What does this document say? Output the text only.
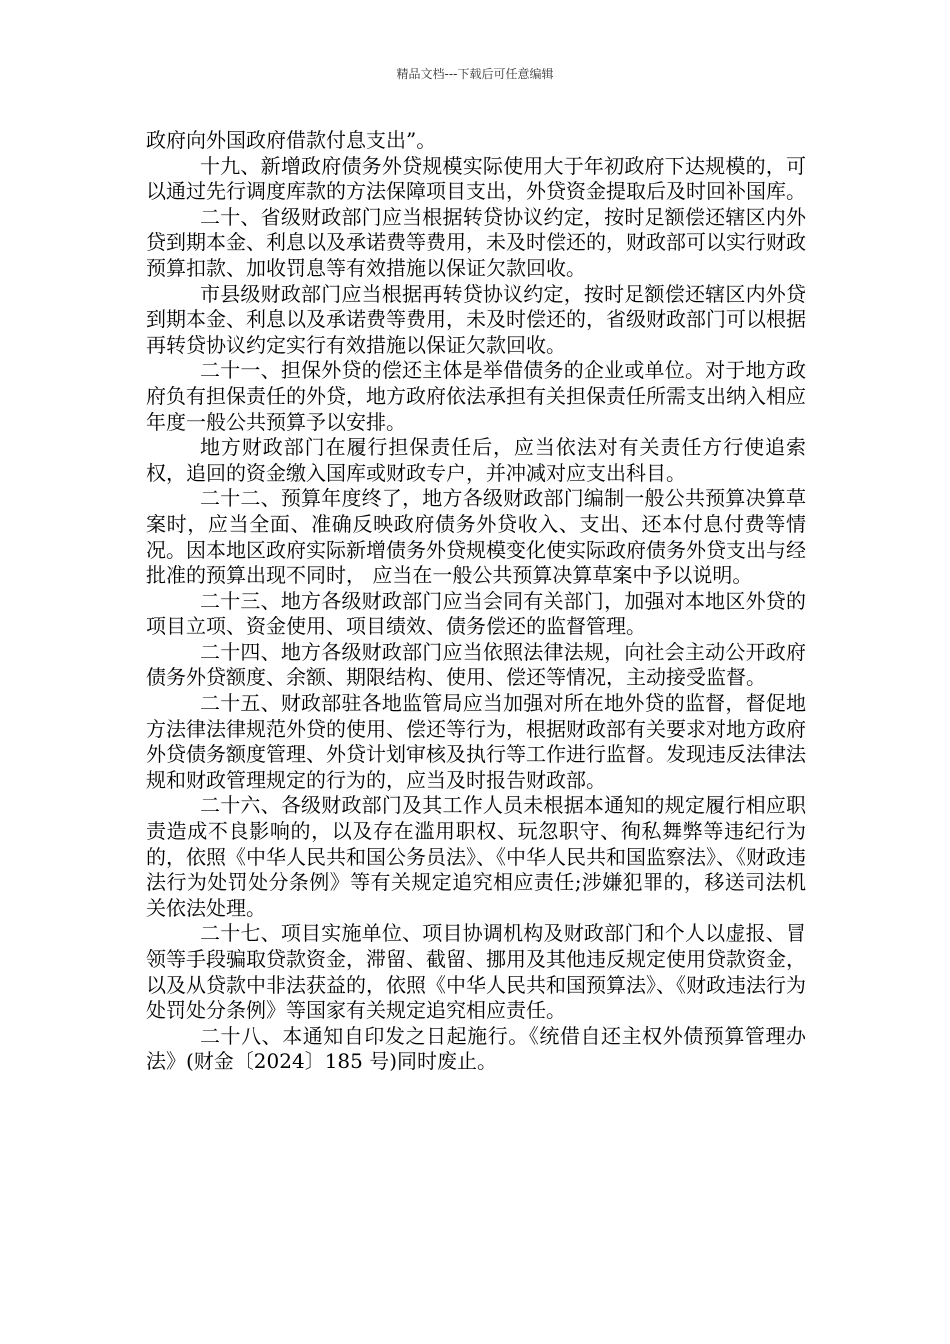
精品文档---下载后可任意编辑

政府向外国政府借款付息支出”。

十九、新增政府债务外贷规模实际使用大于年初政府下达规模的，可以通过先行调度库款的方法保障项目支出，外贷资金提取后及时回补国库。

二十、省级财政部门应当根据转贷协议约定，按时足额偿还辖区内外贷到期本金、利息以及承诺费等费用，未及时偿还的，财政部可以实行财政预算扣款、加收罚息等有效措施以保证欠款回收。

市县级财政部门应当根据再转贷协议约定，按时足额偿还辖区内外贷到期本金、利息以及承诺费等费用，未及时偿还的，省级财政部门可以根据再转贷协议约定实行有效措施以保证欠款回收。

二十一、担保外贷的偿还主体是举借债务的企业或单位。对于地方政府负有担保责任的外贷，地方政府依法承担有关担保责任所需支出纳入相应年度一般公共预算予以安排。

地方财政部门在履行担保责任后，应当依法对有关责任方行使追索权，追回的资金缴入国库或财政专户，并冲减对应支出科目。

二十二、预算年度终了，地方各级财政部门编制一般公共预算决算草案时，应当全面、准确反映政府债务外贷收入、支出、还本付息付费等情况。因本地区政府实际新增债务外贷规模变化使实际政府债务外贷支出与经批准的预算出现不同时， 应当在一般公共预算决算草案中予以说明。

二十三、地方各级财政部门应当会同有关部门，加强对本地区外贷的项目立项、资金使用、项目绩效、债务偿还的监督管理。

二十四、地方各级财政部门应当依照法律法规，向社会主动公开政府债务外贷额度、余额、期限结构、使用、偿还等情况，主动接受监督。

二十五、财政部驻各地监管局应当加强对所在地外贷的监督，督促地方法律法律规范外贷的使用、偿还等行为，根据财政部有关要求对地方政府外贷债务额度管理、外贷计划审核及执行等工作进行监督。发现违反法律法规和财政管理规定的行为的，应当及时报告财政部。

二十六、各级财政部门及其工作人员未根据本通知的规定履行相应职责造成不良影响的，以及存在滥用职权、玩忽职守、徇私舞弊等违纪行为的，依照《中华人民共和国公务员法》、《中华人民共和国监察法》、《财政违法行为处罚处分条例》等有关规定追究相应责任;涉嫌犯罪的，移送司法机关依法处理。

二十七、项目实施单位、项目协调机构及财政部门和个人以虚报、冒领等手段骗取贷款资金，滞留、截留、挪用及其他违反规定使用贷款资金，以及从贷款中非法获益的，依照《中华人民共和国预算法》、《财政违法行为处罚处分条例》等国家有关规定追究相应责任。

二十八、本通知自印发之日起施行。《统借自还主权外债预算管理办法》(财金〔2024〕185 号)同时废止。
